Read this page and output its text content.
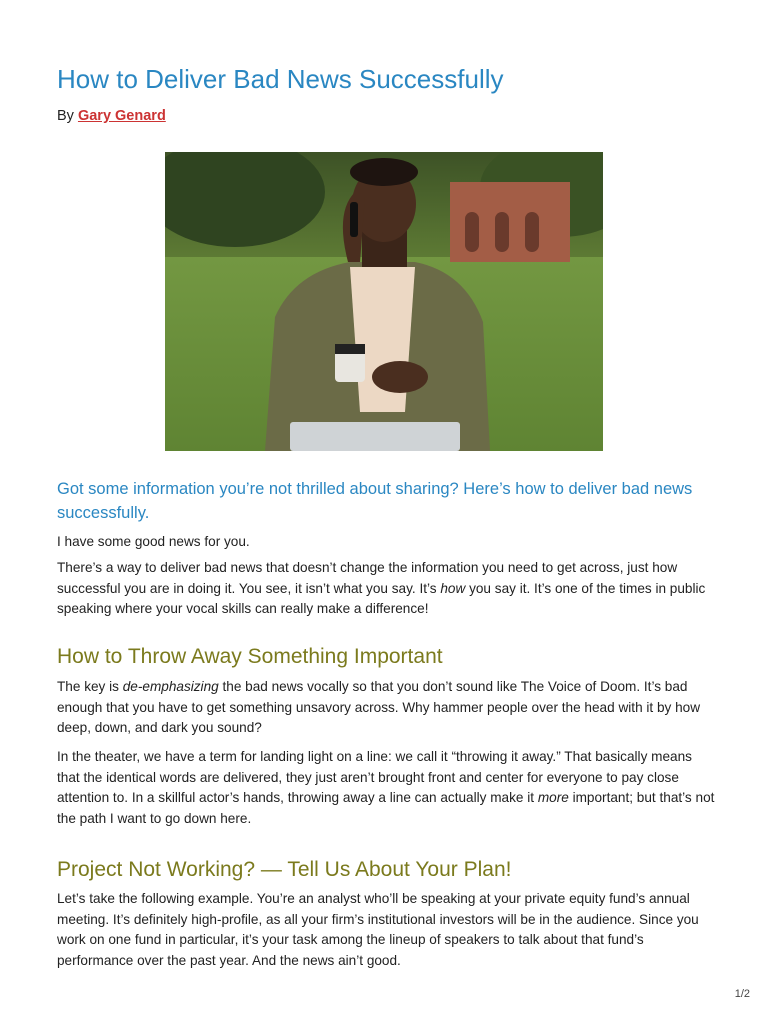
How to Deliver Bad News Successfully
By Gary Genard

Got some information you’re not thrilled about sharing? Here’s how to deliver bad news successfully.

I have some good news for you.

There’s a way to deliver bad news that doesn’t change the information you need to get across, just how successful you are in doing it. You see, it isn’t what you say. It’s how you say it. It’s one of the times in public speaking where your vocal skills can really make a difference!

How to Throw Away Something Important

The key is de-emphasizing the bad news vocally so that you don’t sound like The Voice of Doom. It’s bad enough that you have to get something unsavory across. Why hammer people over the head with it by how deep, down, and dark you sound?

In the theater, we have a term for landing light on a line: we call it “throwing it away.” That basically means that the identical words are delivered, they just aren’t brought front and center for everyone to pay close attention to. In a skillful actor’s hands, throwing away a line can actually make it more important; but that’s not the path I want to go down here.

Project Not Working? — Tell Us About Your Plan!

Let’s take the following example. You’re an analyst who’ll be speaking at your private equity fund’s annual meeting. It’s definitely high-profile, as all your firm’s institutional investors will be in the audience. Since you work on one fund in particular, it’s your task among the lineup of speakers to talk about that fund’s performance over the past year. And the news ain’t good.

1/2
